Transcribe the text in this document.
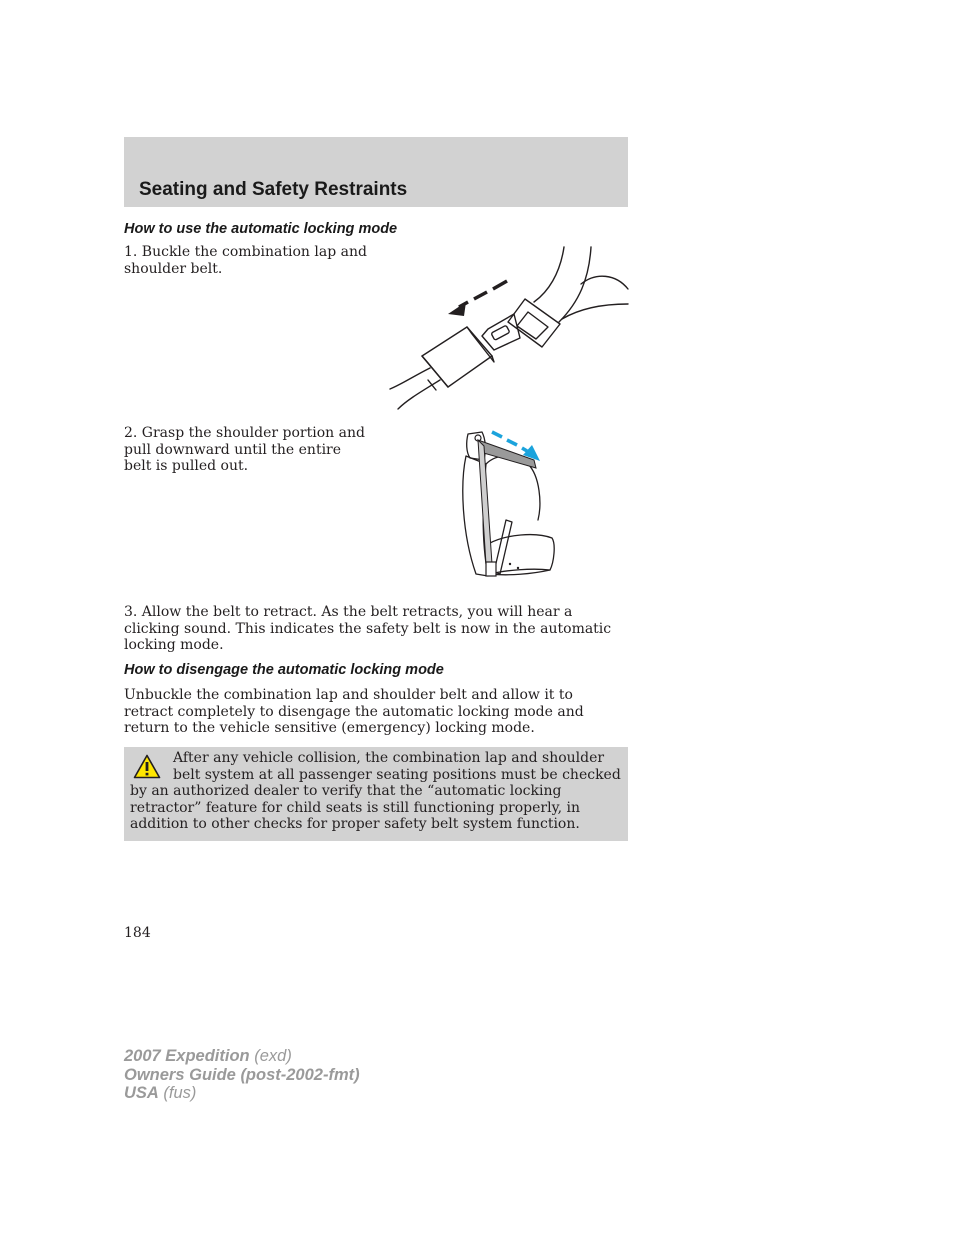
Seating and Safety Restraints
How to use the automatic locking mode

1. Buckle the combination lap and shoulder belt.

2. Grasp the shoulder portion and pull downward until the entire belt is pulled out.

3. Allow the belt to retract. As the belt retracts, you will hear a clicking sound. This indicates the safety belt is now in the automatic locking mode.

How to disengage the automatic locking mode

Unbuckle the combination lap and shoulder belt and allow it to retract completely to disengage the automatic locking mode and return to the vehicle sensitive (emergency) locking mode.

After any vehicle collision, the combination lap and shoulder belt system at all passenger seating positions must be checked by an authorized dealer to verify that the “automatic locking retractor” feature for child seats is still functioning properly, in addition to other checks for proper safety belt system function.

184

2007 Expedition (exd)
Owners Guide (post-2002-fmt)
USA (fus)
